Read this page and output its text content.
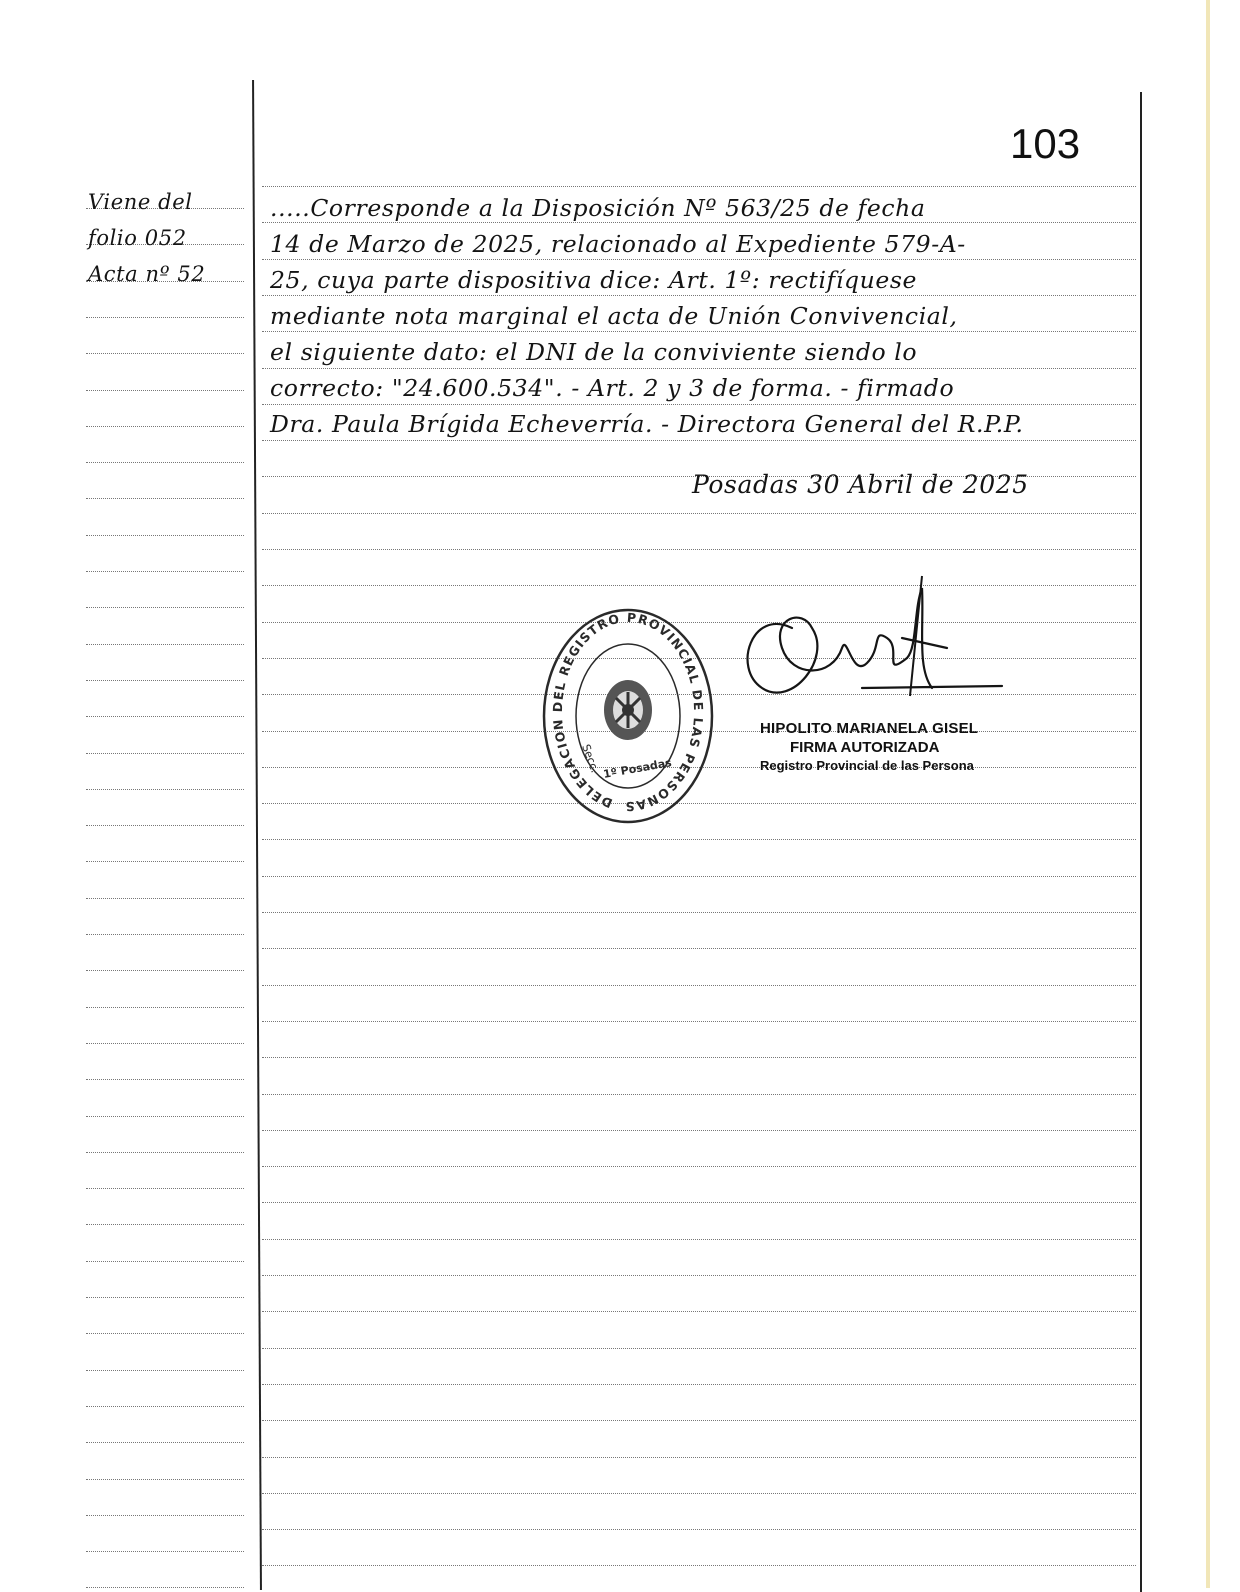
103
Viene del
folio 052
Acta nº 52
.....Corresponde a la Disposición Nº 563/25 de fecha
14 de Marzo de 2025, relacionado al Expediente 579-A-
25, cuya parte dispositiva dice: Art. 1º: rectifíquese
mediante nota marginal el acta de Unión Convivencial,
el siguiente dato: el DNI de la conviviente siendo lo
correcto: "24.600.534". - Art. 2 y 3 de forma. - firmado
Dra. Paula Brígida Echeverría. - Directora General del R.P.P.
Posadas 30 Abril de 2025
DELEGACION DEL REGISTRO PROVINCIAL DE LAS PERSONAS
Secc. 1º Posadas
HIPOLITO MARIANELA GISEL
FIRMA AUTORIZADA
Registro Provincial de las Persona
